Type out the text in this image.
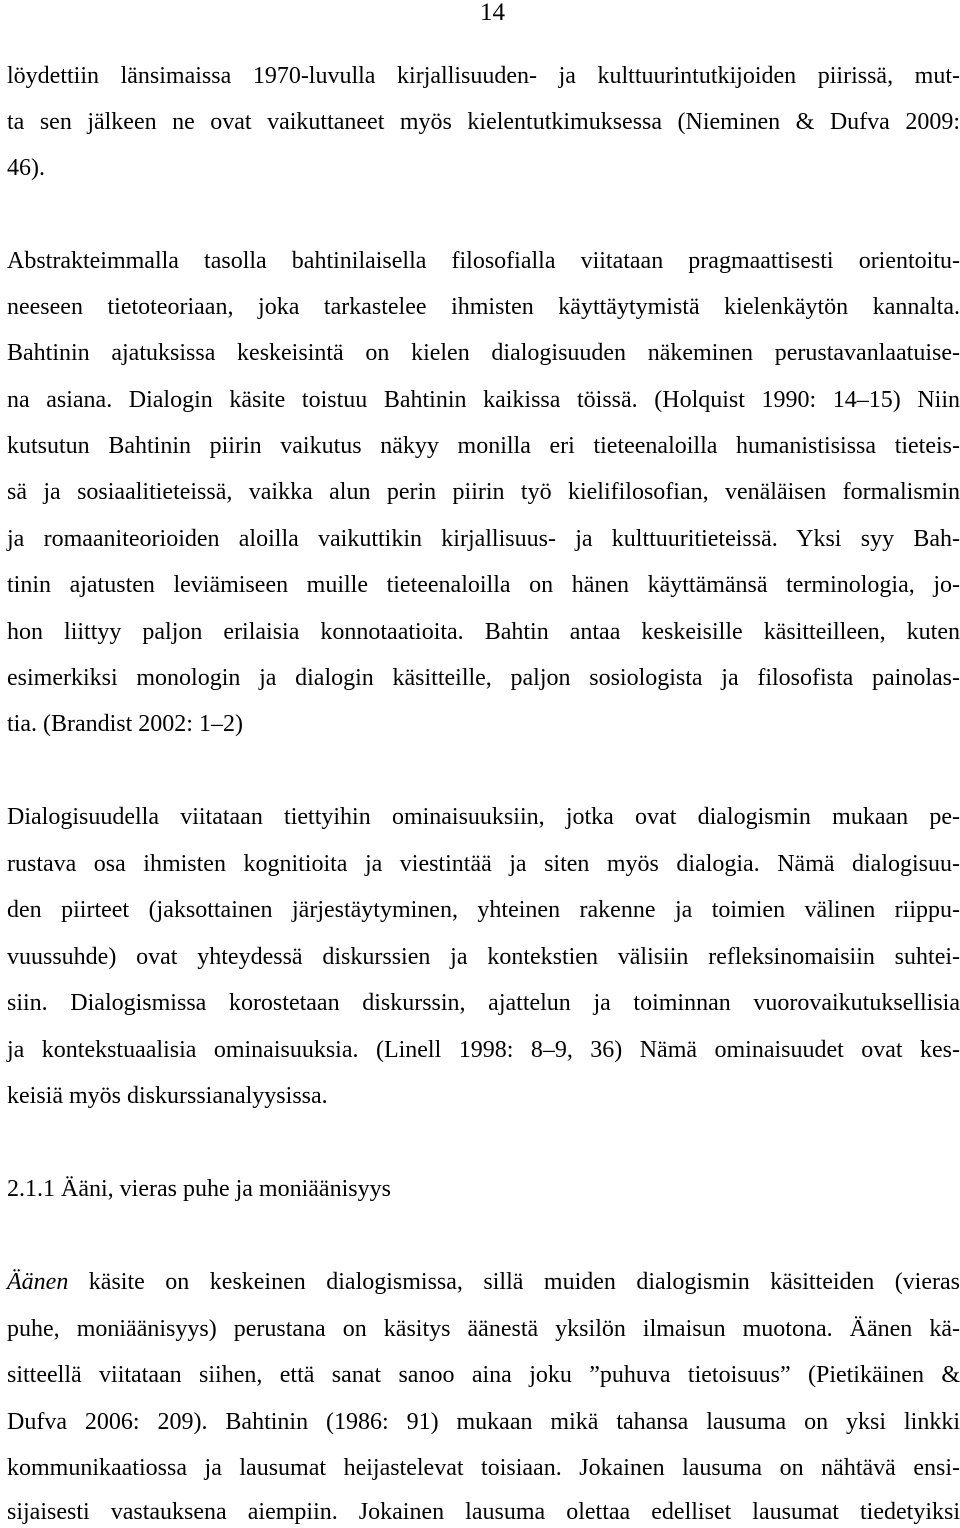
14

löydettiin länsimaissa 1970-luvulla kirjallisuuden- ja kulttuurintutkijoiden piirissä, mut-

ta sen jälkeen ne ovat vaikuttaneet myös kielentutkimuksessa (Nieminen & Dufva 2009:

46).

Abstrakteimmalla tasolla bahtinilaisella filosofialla viitataan pragmaattisesti orientoitu-

neeseen tietoteoriaan, joka tarkastelee ihmisten käyttäytymistä kielenkäytön kannalta.

Bahtinin ajatuksissa keskeisintä on kielen dialogisuuden näkeminen perustavanlaatuise-

na asiana. Dialogin käsite toistuu Bahtinin kaikissa töissä. (Holquist 1990: 14–15) Niin

kutsutun Bahtinin piirin vaikutus näkyy monilla eri tieteenaloilla humanistisissa tieteis-

sä ja sosiaalitieteissä, vaikka alun perin piirin työ kielifilosofian, venäläisen formalismin

ja romaaniteorioiden aloilla vaikuttikin kirjallisuus- ja kulttuuritieteissä. Yksi syy Bah-

tinin ajatusten leviämiseen muille tieteenaloilla on hänen käyttämänsä terminologia, jo-

hon liittyy paljon erilaisia konnotaatioita. Bahtin antaa keskeisille käsitteilleen, kuten

esimerkiksi monologin ja dialogin käsitteille, paljon sosiologista ja filosofista painolas-

tia. (Brandist 2002: 1–2)

Dialogisuudella viitataan tiettyihin ominaisuuksiin, jotka ovat dialogismin mukaan pe-

rustava osa ihmisten kognitioita ja viestintää ja siten myös dialogia. Nämä dialogisuu-

den piirteet (jaksottainen järjestäytyminen, yhteinen rakenne ja toimien välinen riippu-

vuussuhde) ovat yhteydessä diskurssien ja kontekstien välisiin refleksinomaisiin suhtei-

siin. Dialogismissa korostetaan diskurssin, ajattelun ja toiminnan vuorovaikutuksellisia

ja kontekstuaalisia ominaisuuksia. (Linell 1998: 8–9, 36) Nämä ominaisuudet ovat kes-

keisiä myös diskurssianalyysissa.

2.1.1 Ääni, vieras puhe ja moniäänisyys

Äänen käsite on keskeinen dialogismissa, sillä muiden dialogismin käsitteiden (vieras

puhe, moniäänisyys) perustana on käsitys äänestä yksilön ilmaisun muotona. Äänen kä-

sitteellä viitataan siihen, että sanat sanoo aina joku ”puhuva tietoisuus” (Pietikäinen &

Dufva 2006: 209). Bahtinin (1986: 91) mukaan mikä tahansa lausuma on yksi linkki

kommunikaatiossa ja lausumat heijastelevat toisiaan. Jokainen lausuma on nähtävä ensi-

sijaisesti vastauksena aiempiin. Jokainen lausuma olettaa edelliset lausumat tiedetyiksi
